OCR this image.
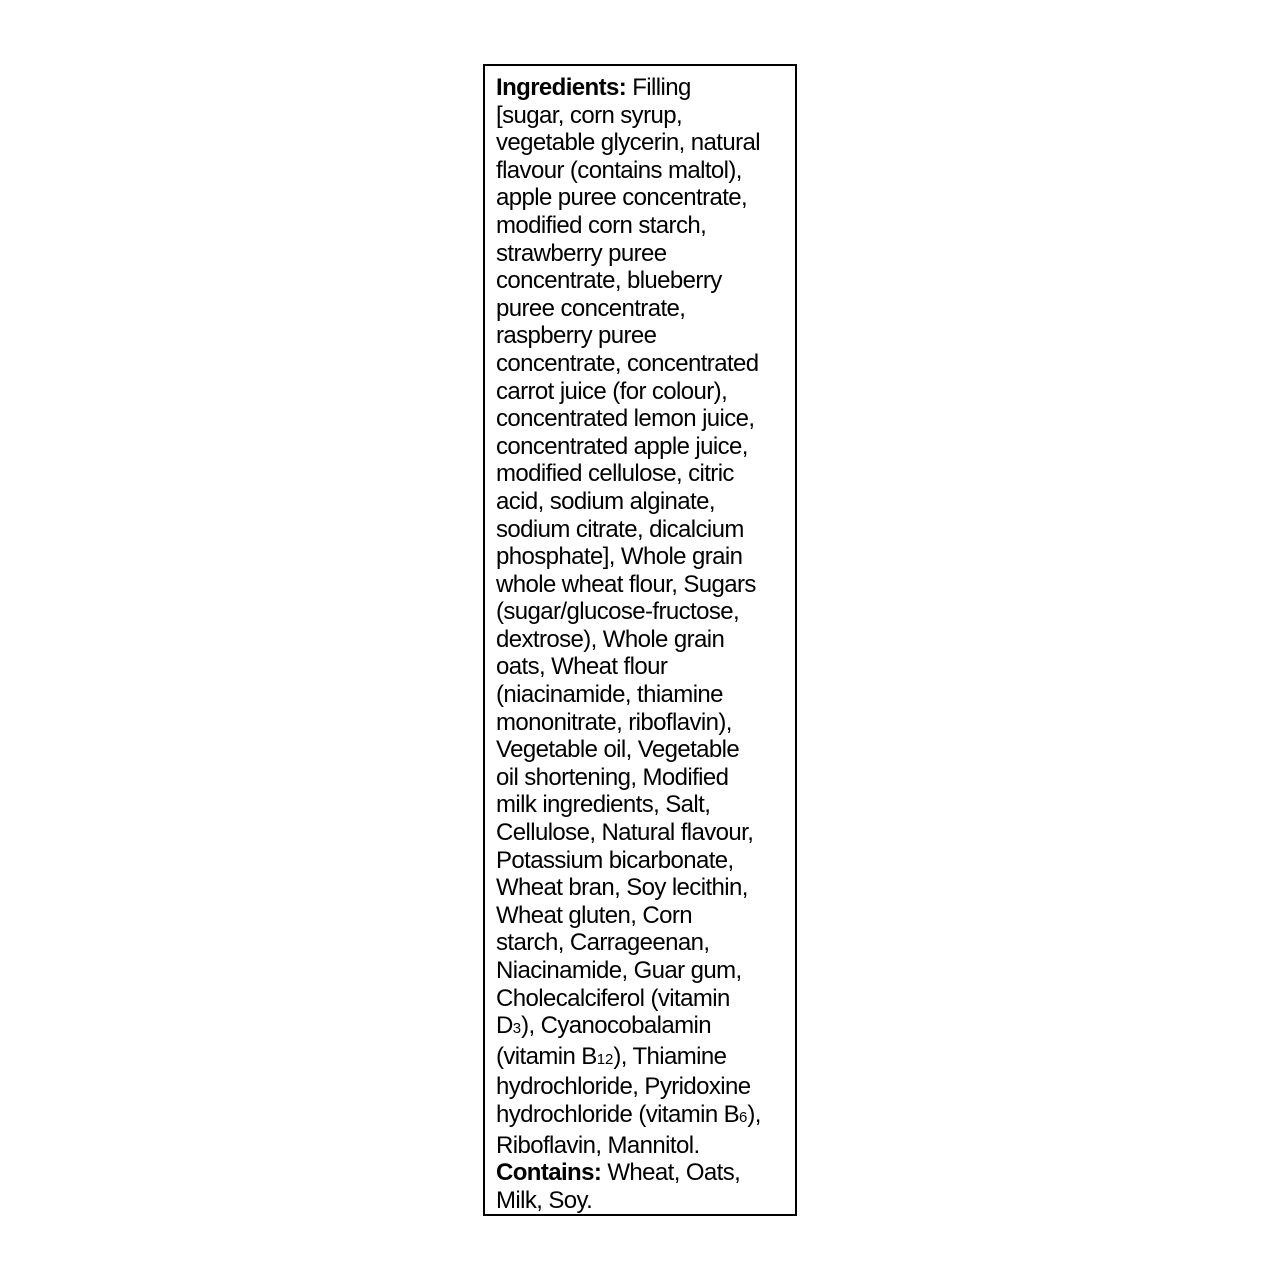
Ingredients: Filling
[sugar, corn syrup,
vegetable glycerin, natural
flavour (contains maltol),
apple puree concentrate,
modified corn starch,
strawberry puree
concentrate, blueberry
puree concentrate,
raspberry puree
concentrate, concentrated
carrot juice (for colour),
concentrated lemon juice,
concentrated apple juice,
modified cellulose, citric
acid, sodium alginate,
sodium citrate, dicalcium
phosphate], Whole grain
whole wheat flour, Sugars
(sugar/glucose-fructose,
dextrose), Whole grain
oats, Wheat flour
(niacinamide, thiamine
mononitrate, riboflavin),
Vegetable oil, Vegetable
oil shortening, Modified
milk ingredients, Salt,
Cellulose, Natural flavour,
Potassium bicarbonate,
Wheat bran, Soy lecithin,
Wheat gluten, Corn
starch, Carrageenan,
Niacinamide, Guar gum,
Cholecalciferol (vitamin
D3), Cyanocobalamin
(vitamin B12), Thiamine
hydrochloride, Pyridoxine
hydrochloride (vitamin B6),
Riboflavin, Mannitol.
Contains: Wheat, Oats,
Milk, Soy.
